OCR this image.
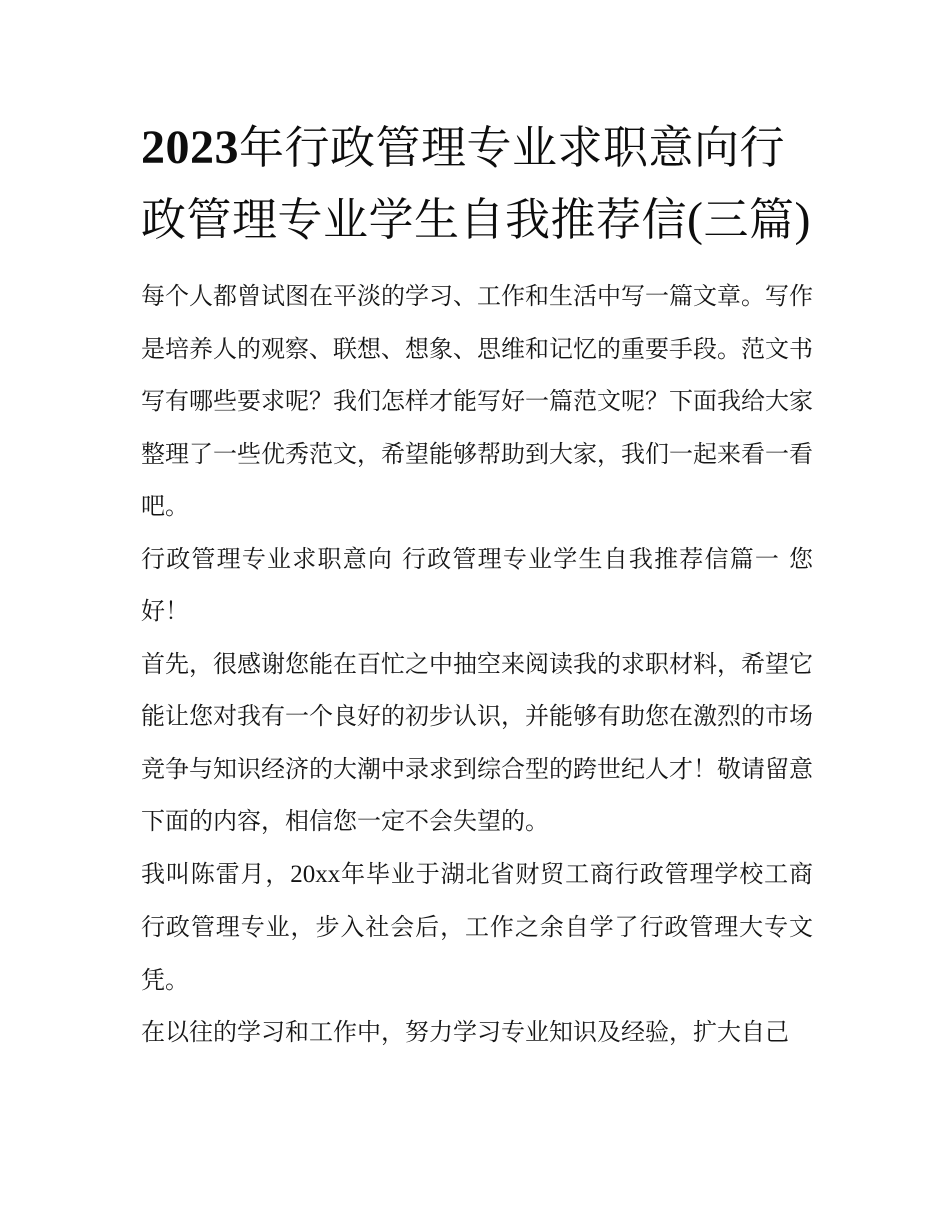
2023年行政管理专业求职意向行政管理专业学生自我推荐信(三篇)

每个人都曾试图在平淡的学习、工作和生活中写一篇文章。写作是培养人的观察、联想、想象、思维和记忆的重要手段。范文书写有哪些要求呢？我们怎样才能写好一篇范文呢？下面我给大家整理了一些优秀范文，希望能够帮助到大家，我们一起来看一看吧。

行政管理专业求职意向 行政管理专业学生自我推荐信篇一 您好！

首先，很感谢您能在百忙之中抽空来阅读我的求职材料，希望它能让您对我有一个良好的初步认识，并能够有助您在激烈的市场竞争与知识经济的大潮中录求到综合型的跨世纪人才！敬请留意下面的内容，相信您一定不会失望的。

我叫陈雷月，20xx年毕业于湖北省财贸工商行政管理学校工商行政管理专业，步入社会后，工作之余自学了行政管理大专文凭。

在以往的学习和工作中，努力学习专业知识及经验，扩大自己
